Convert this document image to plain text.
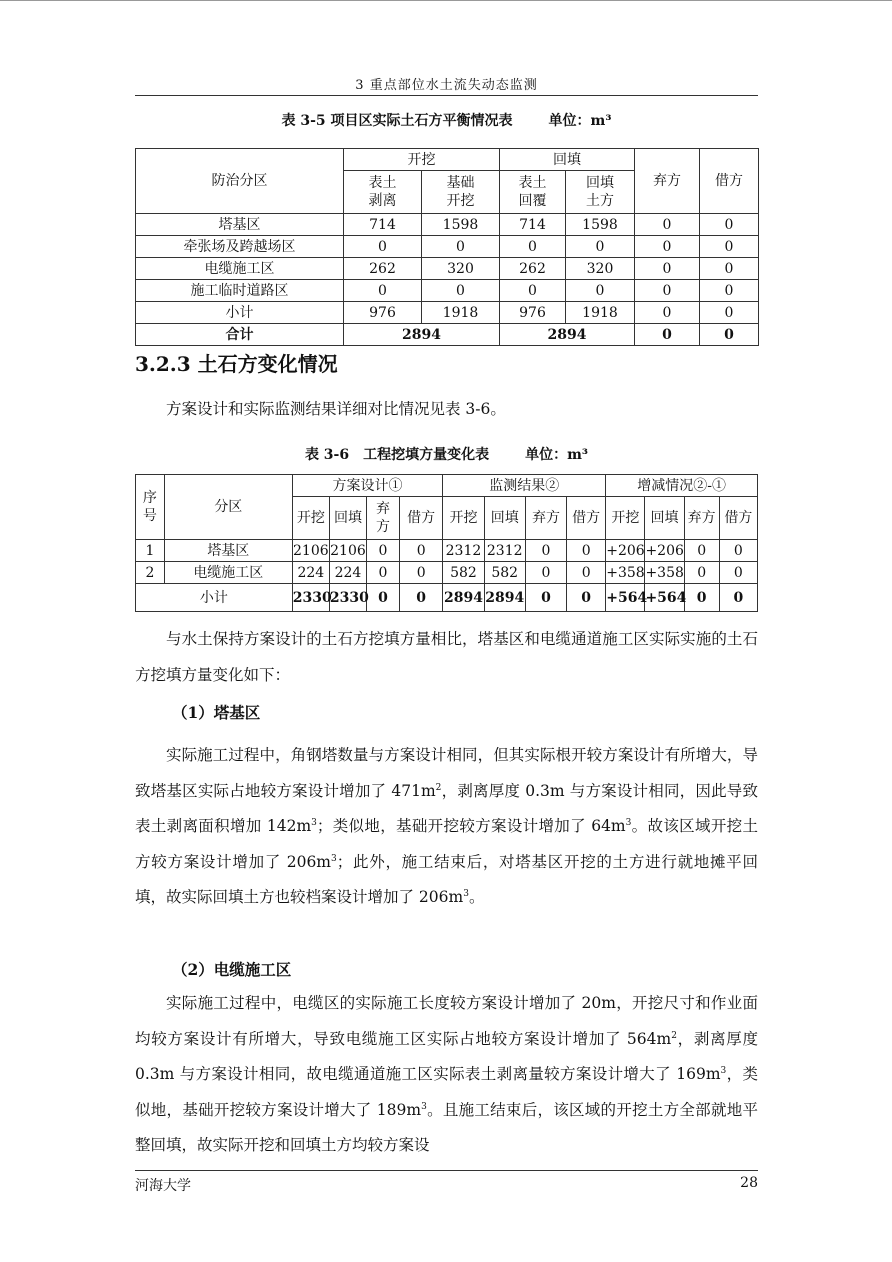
3 重点部位水土流失动态监测
表 3-5 项目区实际土石方平衡情况表	单位：m³
防治分区	开挖		回填		弃方	借方

	表土剥离	基础开挖	表土回覆	回填土方		

塔基区	714	1598	714	1598	0	0
牵张场及跨越场区	0	0	0	0	0	0
电缆施工区	262	320	262	320	0	0
施工临时道路区	0	0	0	0	0	0
小计	976	1918	976	1918	0	0
合计	2894		2894		0	0
3.2.3 土石方变化情况
方案设计和实际监测结果详细对比情况见表 3-6。
表 3-6　工程挖填方量变化表	单位：m³
序号	分区	方案设计①				监测结果②				增减情况②-①			
		开挖	回填	弃方	借方	开挖	回填	弃方	借方	开挖	回填	弃方	借方
1	塔基区	2106	2106	0	0	2312	2312	0	0	+206	+206	0	0
2	电缆施工区	224	224	0	0	582	582	0	0	+358	+358	0	0
小计		2330	2330	0	0	2894	2894	0	0	+564	+564	0	0
与水土保持方案设计的土石方挖填方量相比，塔基区和电缆通道施工区实际实施的土石方挖填方量变化如下：
（1）塔基区
实际施工过程中，角钢塔数量与方案设计相同，但其实际根开较方案设计有所增大，导致塔基区实际占地较方案设计增加了 $471m^2$，剥离厚度 0.3m 与方案设计相同，因此导致表土剥离面积增加 $142m^3$；类似地，基础开挖较方案设计增加了 $64m^3$。故该区域开挖土方较方案设计增加了 $206m^3$；此外，施工结束后，对塔基区开挖的土方进行就地摊平回填，故实际回填土方也较档案设计增加了 $206m^3$。
（2）电缆施工区
实际施工过程中，电缆区的实际施工长度较方案设计增加了 20m，开挖尺寸和作业面均较方案设计有所增大，导致电缆施工区实际占地较方案设计增加了 $564m^2$，剥离厚度 0.3m 与方案设计相同，故电缆通道施工区实际表土剥离量较方案设计增大了 $169m^3$，类似地，基础开挖较方案设计增大了 $189m^3$。且施工结束后，该区域的开挖土方全部就地平整回填，故实际开挖和回填土方均较方案设
河海大学	28
